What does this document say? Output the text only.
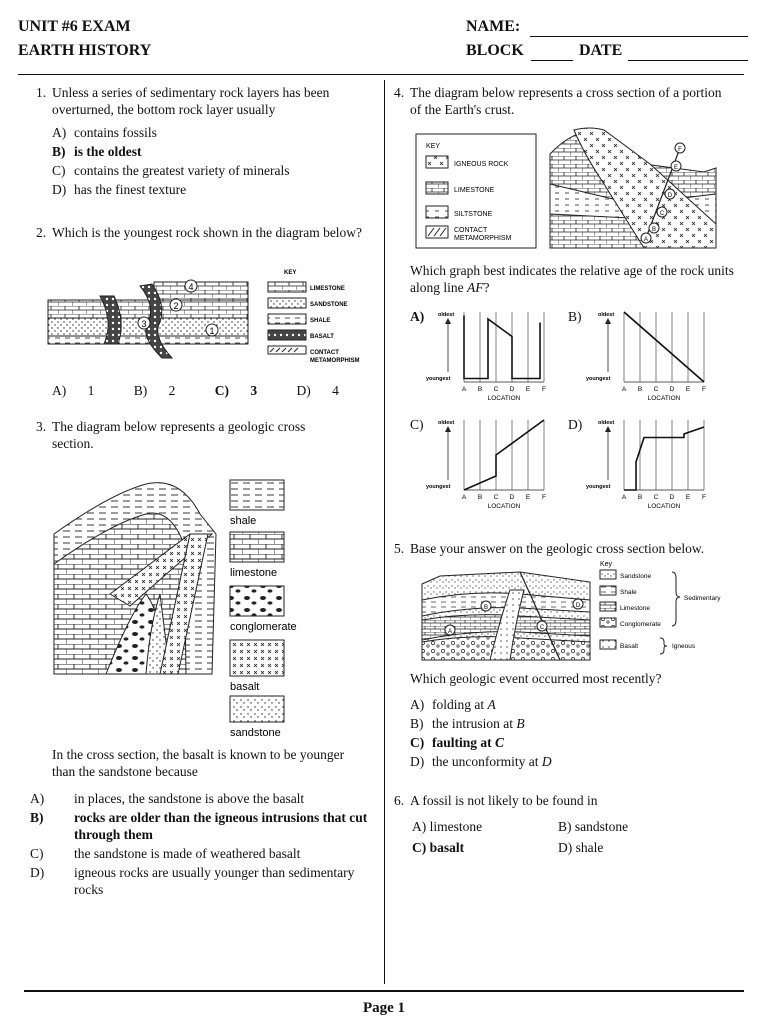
UNIT #6 EXAM
EARTH HISTORY
NAME:
BLOCK	DATE
1. Unless a series of sedimentary rock layers has been overturned, the bottom rock layer usually
A) contains fossils
B) is the oldest
C) contains the greatest variety of minerals
D) has the finest texture
2. Which is the youngest rock shown in the diagram below?
4
2
3
1
KEY
LIMESTONE
SANDSTONE
SHALE
BASALT
CONTACT
METAMORPHISM
A) 1	B) 2	C) 3	D) 4
3. The diagram below represents a geologic cross section.
shale
limestone
conglomerate
basalt
sandstone
In the cross section, the basalt is known to be younger than the sandstone because
A) in places, the sandstone is above the basalt
B) rocks are older than the igneous intrusions that cut through them
C) the sandstone is made of weathered basalt
D) igneous rocks are usually younger than sedimentary rocks
4. The diagram below represents a cross section of a portion of the Earth's crust.
KEY
IGNEOUS ROCK
LIMESTONE
SILTSTONE
CONTACT
METAMORPHISM
F
E
D
C
B
A
Which graph best indicates the relative age of the rock units along line AF?
A)	B)
C)	D)
A B C D E F
oldest
youngest
LOCATION
A B C D E F
oldest
youngest
LOCATION
A B C D E F
oldest
youngest
LOCATION
A B C D E F
oldest
youngest
LOCATION
5. Base your answer on the geologic cross section below.
A
B
C
D
Key
Sandstone
Shale
Limestone
Conglomerate
Basalt
Sedimentary
Igneous
Which geologic event occurred most recently?
A) folding at A
B) the intrusion at B
C) faulting at C
D) the unconformity at D
6. A fossil is not likely to be found in
A) limestone	B) sandstone
C) basalt	D) shale
Page 1
